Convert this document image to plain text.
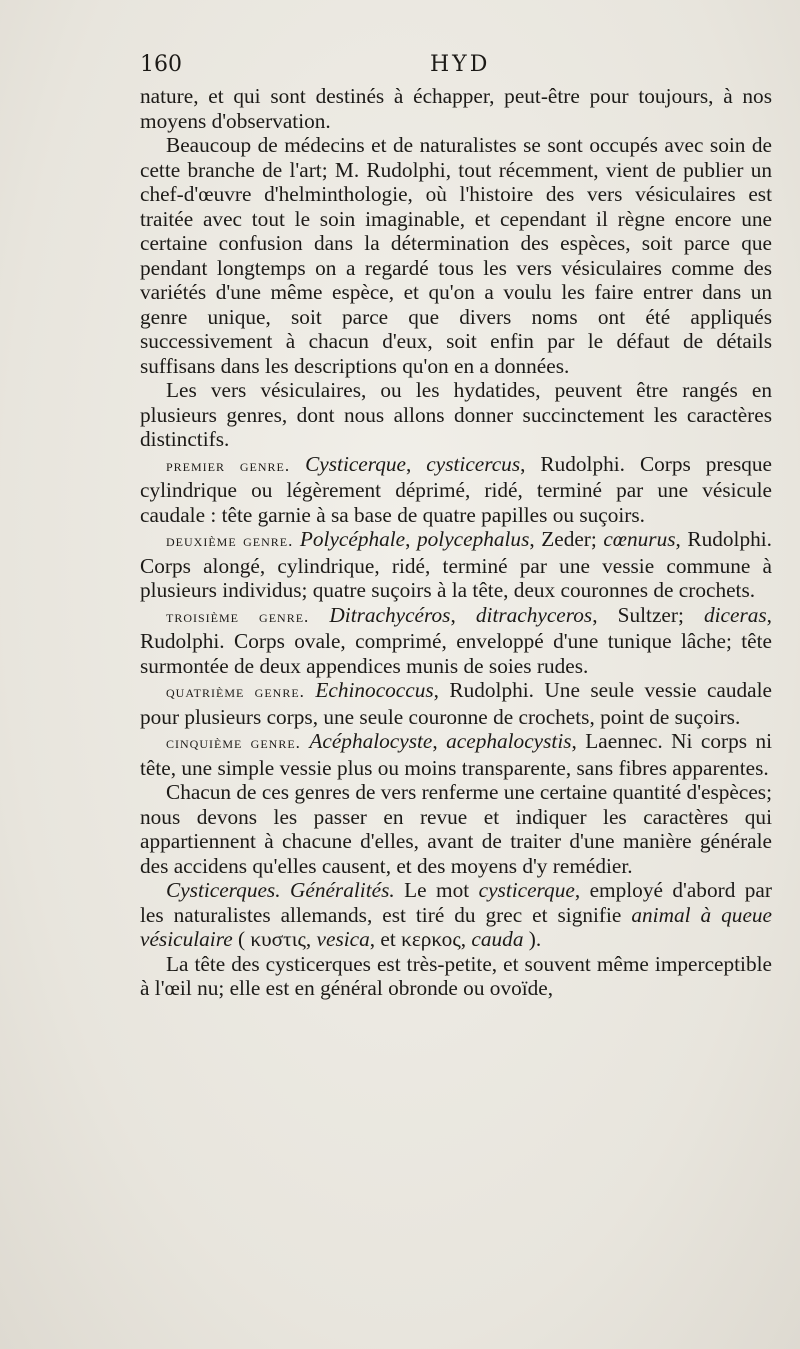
160	HYD

nature, et qui sont destinés à échapper, peut-être pour toujours, à nos moyens d'observation.

Beaucoup de médecins et de naturalistes se sont occupés avec soin de cette branche de l'art; M. Rudolphi, tout récemment, vient de publier un chef-d'œuvre d'helminthologie, où l'histoire des vers vésiculaires est traitée avec tout le soin imaginable, et cependant il règne encore une certaine confusion dans la détermination des espèces, soit parce que pendant longtemps on a regardé tous les vers vésiculaires comme des variétés d'une même espèce, et qu'on a voulu les faire entrer dans un genre unique, soit parce que divers noms ont été appliqués successivement à chacun d'eux, soit enfin par le défaut de détails suffisans dans les descriptions qu'on en a données.

Les vers vésiculaires, ou les hydatides, peuvent être rangés en plusieurs genres, dont nous allons donner succinctement les caractères distinctifs.

premier genre. Cysticerque, cysticercus, Rudolphi. Corps presque cylindrique ou légèrement déprimé, ridé, terminé par une vésicule caudale : tête garnie à sa base de quatre papilles ou suçoirs.

deuxième genre. Polycéphale, polycephalus, Zeder; cœnurus, Rudolphi. Corps alongé, cylindrique, ridé, terminé par une vessie commune à plusieurs individus; quatre suçoirs à la tête, deux couronnes de crochets.

troisième genre. Ditrachycéros, ditrachyceros, Sultzer; diceras, Rudolphi. Corps ovale, comprimé, enveloppé d'une tunique lâche; tête surmontée de deux appendices munis de soies rudes.

quatrième genre. Echinococcus, Rudolphi. Une seule vessie caudale pour plusieurs corps, une seule couronne de crochets, point de suçoirs.

cinquième genre. Acéphalocyste, acephalocystis, Laennec. Ni corps ni tête, une simple vessie plus ou moins transparente, sans fibres apparentes.

Chacun de ces genres de vers renferme une certaine quantité d'espèces; nous devons les passer en revue et indiquer les caractères qui appartiennent à chacune d'elles, avant de traiter d'une manière générale des accidens qu'elles causent, et des moyens d'y remédier.

Cysticerques. Généralités. Le mot cysticerque, employé d'abord par les naturalistes allemands, est tiré du grec et signifie animal à queue vésiculaire ( κυστις, vesica, et κερκος, cauda ).

La tête des cysticerques est très-petite, et souvent même imperceptible à l'œil nu; elle est en général obronde ou ovoïde,
